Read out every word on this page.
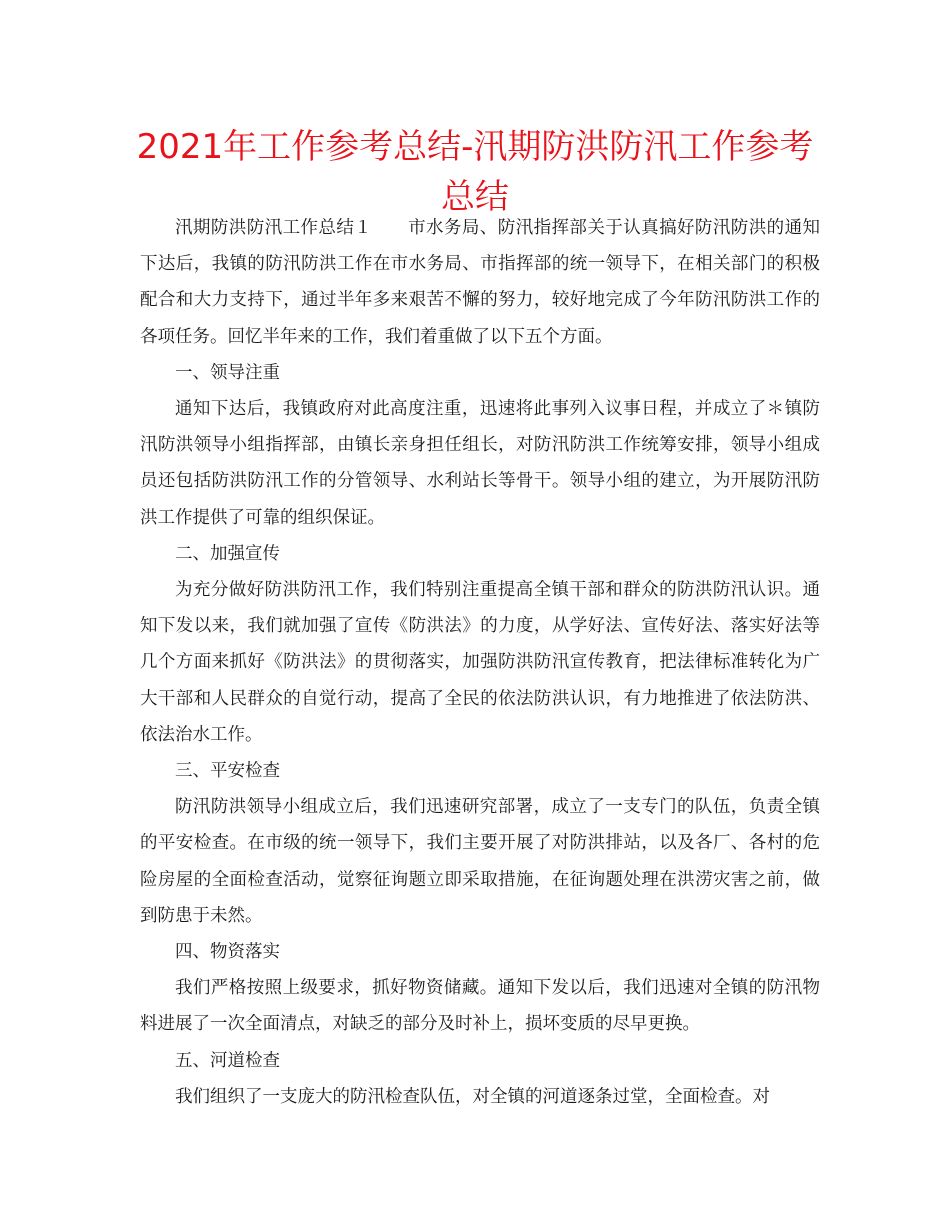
2021年工作参考总结-汛期防洪防汛工作参考总结

汛期防洪防汛工作总结１　　市水务局、防汛指挥部关于认真搞好防汛防洪的通知下达后，我镇的防汛防洪工作在市水务局、市指挥部的统一领导下，在相关部门的积极配合和大力支持下，通过半年多来艰苦不懈的努力，较好地完成了今年防汛防洪工作的各项任务。回忆半年来的工作，我们着重做了以下五个方面。

一、领导注重

通知下达后，我镇政府对此高度注重，迅速将此事列入议事日程，并成立了＊镇防汛防洪领导小组指挥部，由镇长亲身担任组长，对防汛防洪工作统筹安排，领导小组成员还包括防洪防汛工作的分管领导、水利站长等骨干。领导小组的建立，为开展防汛防洪工作提供了可靠的组织保证。

二、加强宣传

为充分做好防洪防汛工作，我们特别注重提高全镇干部和群众的防洪防汛认识。通知下发以来，我们就加强了宣传《防洪法》的力度，从学好法、宣传好法、落实好法等几个方面来抓好《防洪法》的贯彻落实，加强防洪防汛宣传教育，把法律标准转化为广大干部和人民群众的自觉行动，提高了全民的依法防洪认识，有力地推进了依法防洪、依法治水工作。

三、平安检查

防汛防洪领导小组成立后，我们迅速研究部署，成立了一支专门的队伍，负责全镇的平安检查。在市级的统一领导下，我们主要开展了对防洪排站，以及各厂、各村的危险房屋的全面检查活动，觉察征询题立即采取措施，在征询题处理在洪涝灾害之前，做到防患于未然。

四、物资落实

我们严格按照上级要求，抓好物资储藏。通知下发以后，我们迅速对全镇的防汛物料进展了一次全面清点，对缺乏的部分及时补上，损坏变质的尽早更换。

五、河道检查

我们组织了一支庞大的防汛检查队伍，对全镇的河道逐条过堂，全面检查。对
